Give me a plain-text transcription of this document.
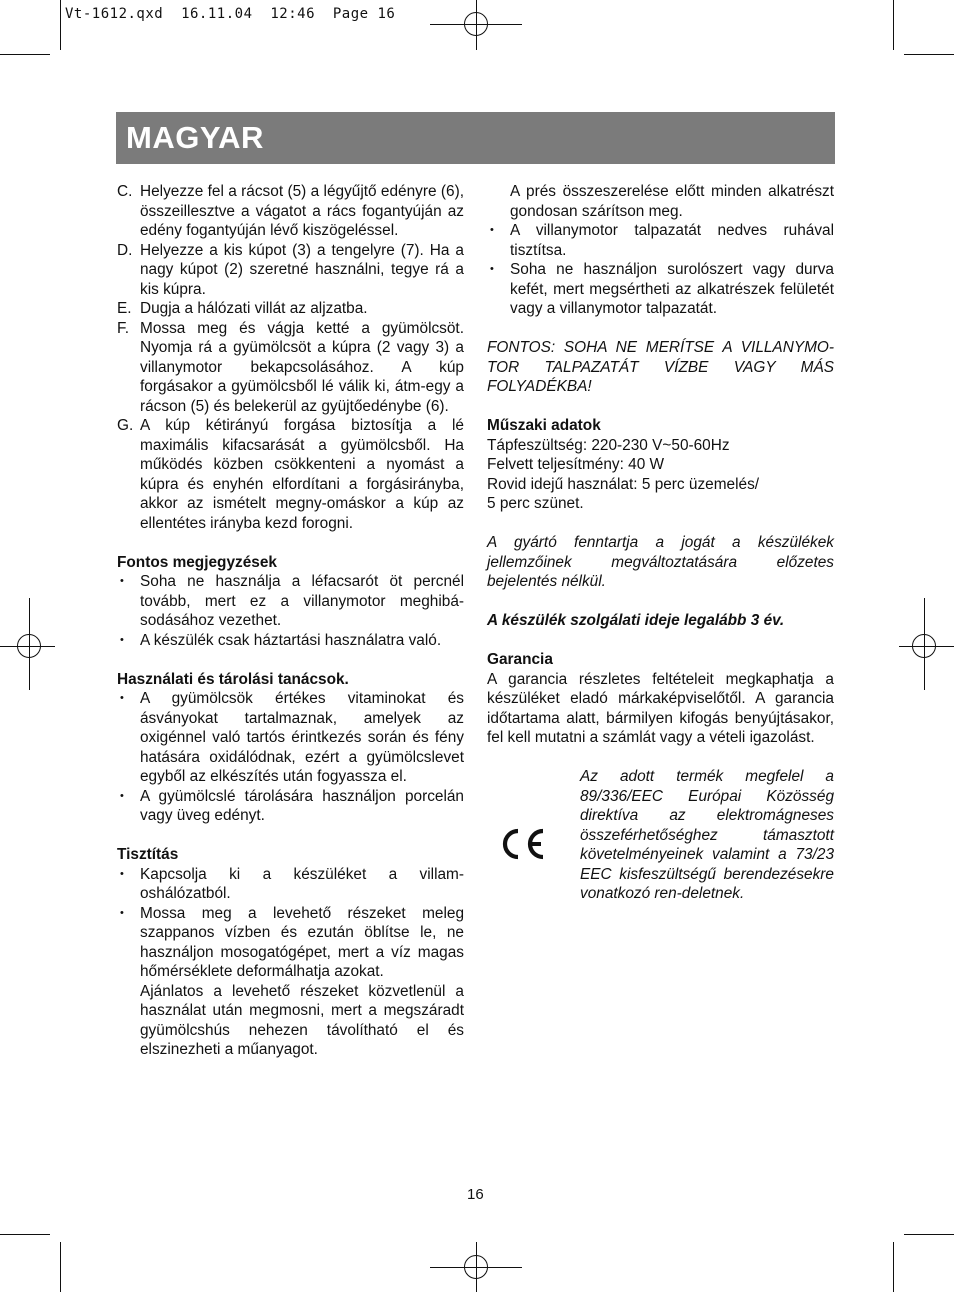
Vt-1612.qxd  16.11.04  12:46  Page 16
MAGYAR
C. Helyezze fel a rácsot (5) a légyűjtő edényre (6), összeillesztve a vágatot a rács fogantyúján az edény fogantyúján lévő kiszögeléssel.
D. Helyezze a kis kúpot (3) a tengelyre (7). Ha a nagy kúpot (2) szeretné használni, tegye rá a kis kúpra.
E. Dugja a hálózati villát az aljzatba.
F. Mossa meg és vágja ketté a gyümölcsöt. Nyomja rá a gyümölcsöt a kúpra (2 vagy 3) a villanymotor bekapcsolásához. A kúp forgásakor a gyümölcsből lé válik ki, átm-egy a rácson (5) és belekerül az gyüjtőedénybe (6).
G. A kúp kétirányú forgása biztosítja a lé maximális kifacsarását a gyümölcsből. Ha működés közben csökkenteni a nyomást a kúpra és enyhén elfordítani a forgásirányba, akkor az ismételt megny-omáskor a kúp az ellentétes irányba kezd forogni.
Fontos megjegyzések
• Soha ne használja a léfacsarót öt percnél tovább, mert ez a villanymotor meghibá-sodásához vezethet.
• A készülék csak háztartási használatra való.
Használati és tárolási tanácsok.
• A gyümölcsök értékes vitaminokat és ásványokat tartalmaznak, amelyek az oxigénnel való tartós érintkezés során és fény hatására oxidálódnak, ezért a gyümölcslevet egyből az elkészítés után fogyassza el.
• A gyümölcslé tárolására használjon porcelán vagy üveg edényt.
Tisztítás
• Kapcsolja ki a készüléket a villam-oshálózatból.
• Mossa meg a levehető részeket meleg szappanos vízben és ezután öblítse le, ne használjon mosogatógépet, mert a víz magas hőmérséklete deformálhatja azokat.
Ajánlatos a levehető részeket közvetlenül a használat után megmosni, mert a megszáradt gyümölcshús nehezen távolítható el és elszinezheti a műanyagot.
A prés összeszerelése előtt minden alkatrészt gondosan szárítson meg.
• A villanymotor talpazatát nedves ruhával tisztítsa.
• Soha ne használjon surolószert vagy durva kefét, mert megsértheti az alkatrészek felületét vagy a villanymotor talpazatát.
FONTOS: SOHA NE MERÍTSE A VILLANYMO-TOR TALPAZATÁT VÍZBE VAGY MÁS FOLYADÉKBA!
Műszaki adatok
Tápfeszültség: 220-230 V~50-60Hz
Felvett teljesítmény: 40 W
Rovid idejű használat: 5 perc üzemelés/
5 perc szünet.
A gyártó fenntartja a jogát a készülékek jellemzőinek megváltoztatására előzetes bejelentés nélkül.
A készülék szolgálati ideje legalább 3 év.
Garancia
A garancia részletes feltételeit megkaphatja a készüléket eladó márkaképviselőtől. A garancia időtartama alatt, bármilyen kifogás benyújtásakor, fel kell mutatni a számlát vagy a vételi igazolást.
Az adott termék megfelel a 89/336/EEC Európai Közösség direktíva az elektromágneses összeférhetőséghez támasztott követelményeinek valamint a 73/23 EEC kisfeszültségű berendezésekre vonatkozó ren-deletnek.
16
